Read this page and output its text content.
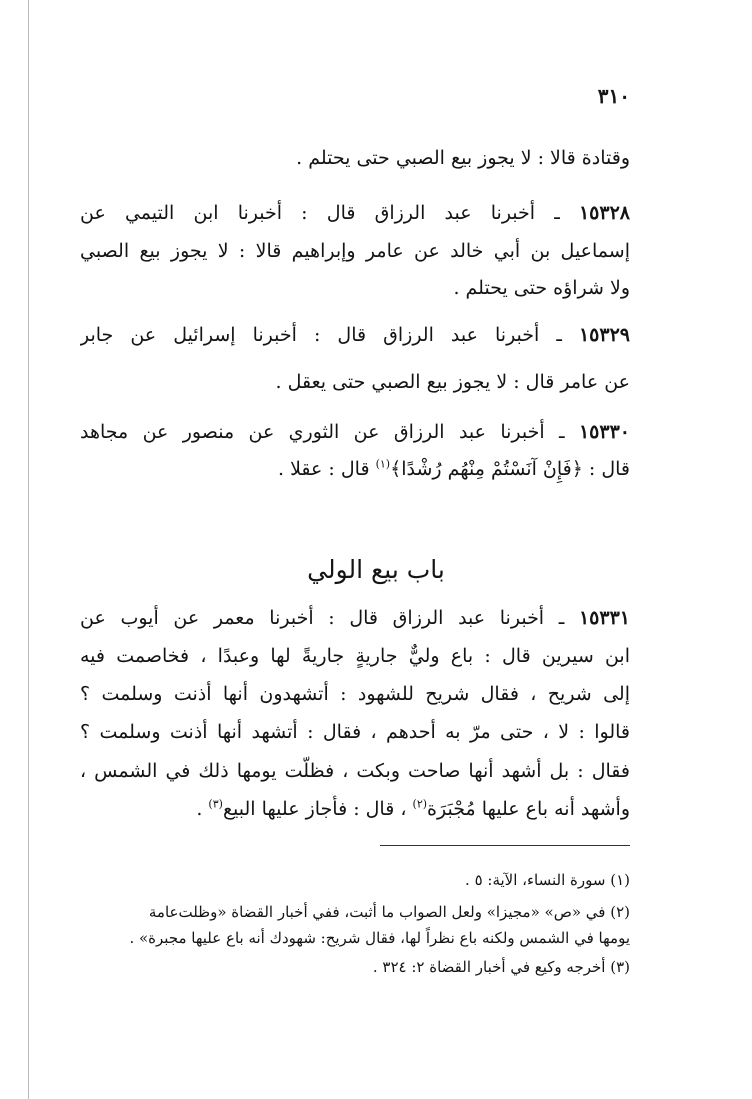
٣١٠
وقتادة قالا : لا يجوز بيع الصبي حتى يحتلم .
١٥٣٢٨ ـ أخبرنا عبد الرزاق قال : أخبرنا ابن التيمي عن
إسماعيل بن أبي خالد عن عامر وإبراهيم قالا : لا يجوز بيع الصبي
ولا شراؤه حتى يحتلم .
١٥٣٢٩ ـ أخبرنا عبد الرزاق قال : أخبرنا إسرائيل عن جابر
عن عامر قال : لا يجوز بيع الصبي حتى يعقل .
١٥٣٣٠ ـ أخبرنا عبد الرزاق عن الثوري عن منصور عن مجاهد
قال : ﴿فَإِنْ آنَسْتُمْ مِنْهُم رُشْدًا﴾$^{(١)}$ قال : عقلا .
باب بيع الولي
١٥٣٣١ ـ أخبرنا عبد الرزاق قال : أخبرنا معمر عن أيوب عن
ابن سيرين قال : باع وليٌّ جاريةٍ جاريةً لها وعبدًا ، فخاصمت فيه
إلى شريح ، فقال شريح للشهود : أتشهدون أنها أذنت وسلمت ؟
قالوا : لا ، حتى مرّ به أحدهم ، فقال : أتشهد أنها أذنت وسلمت ؟
فقال : بل أشهد أنها صاحت وبكت ، فظلّت يومها ذلك في الشمس ،
وأشهد أنه باع عليها مُجْبَرَة$^{(٢)}$ ، قال : فأَجاز عليها البيع$^{(٣)}$ .
(١) سورة النساء، الآية: ٥ .
(٢) في «ص» «مجيزا» ولعل الصواب ما أثبت، ففي أخبار القضاة «وظلت‌عامة
يومها في الشمس ولكنه باع نظراً لها، فقال شريح: شهودك أنه باع عليها مجبرة» .
(٣) أخرجه وكيع في أخبار القضاة ٢: ٣٢٤ .
